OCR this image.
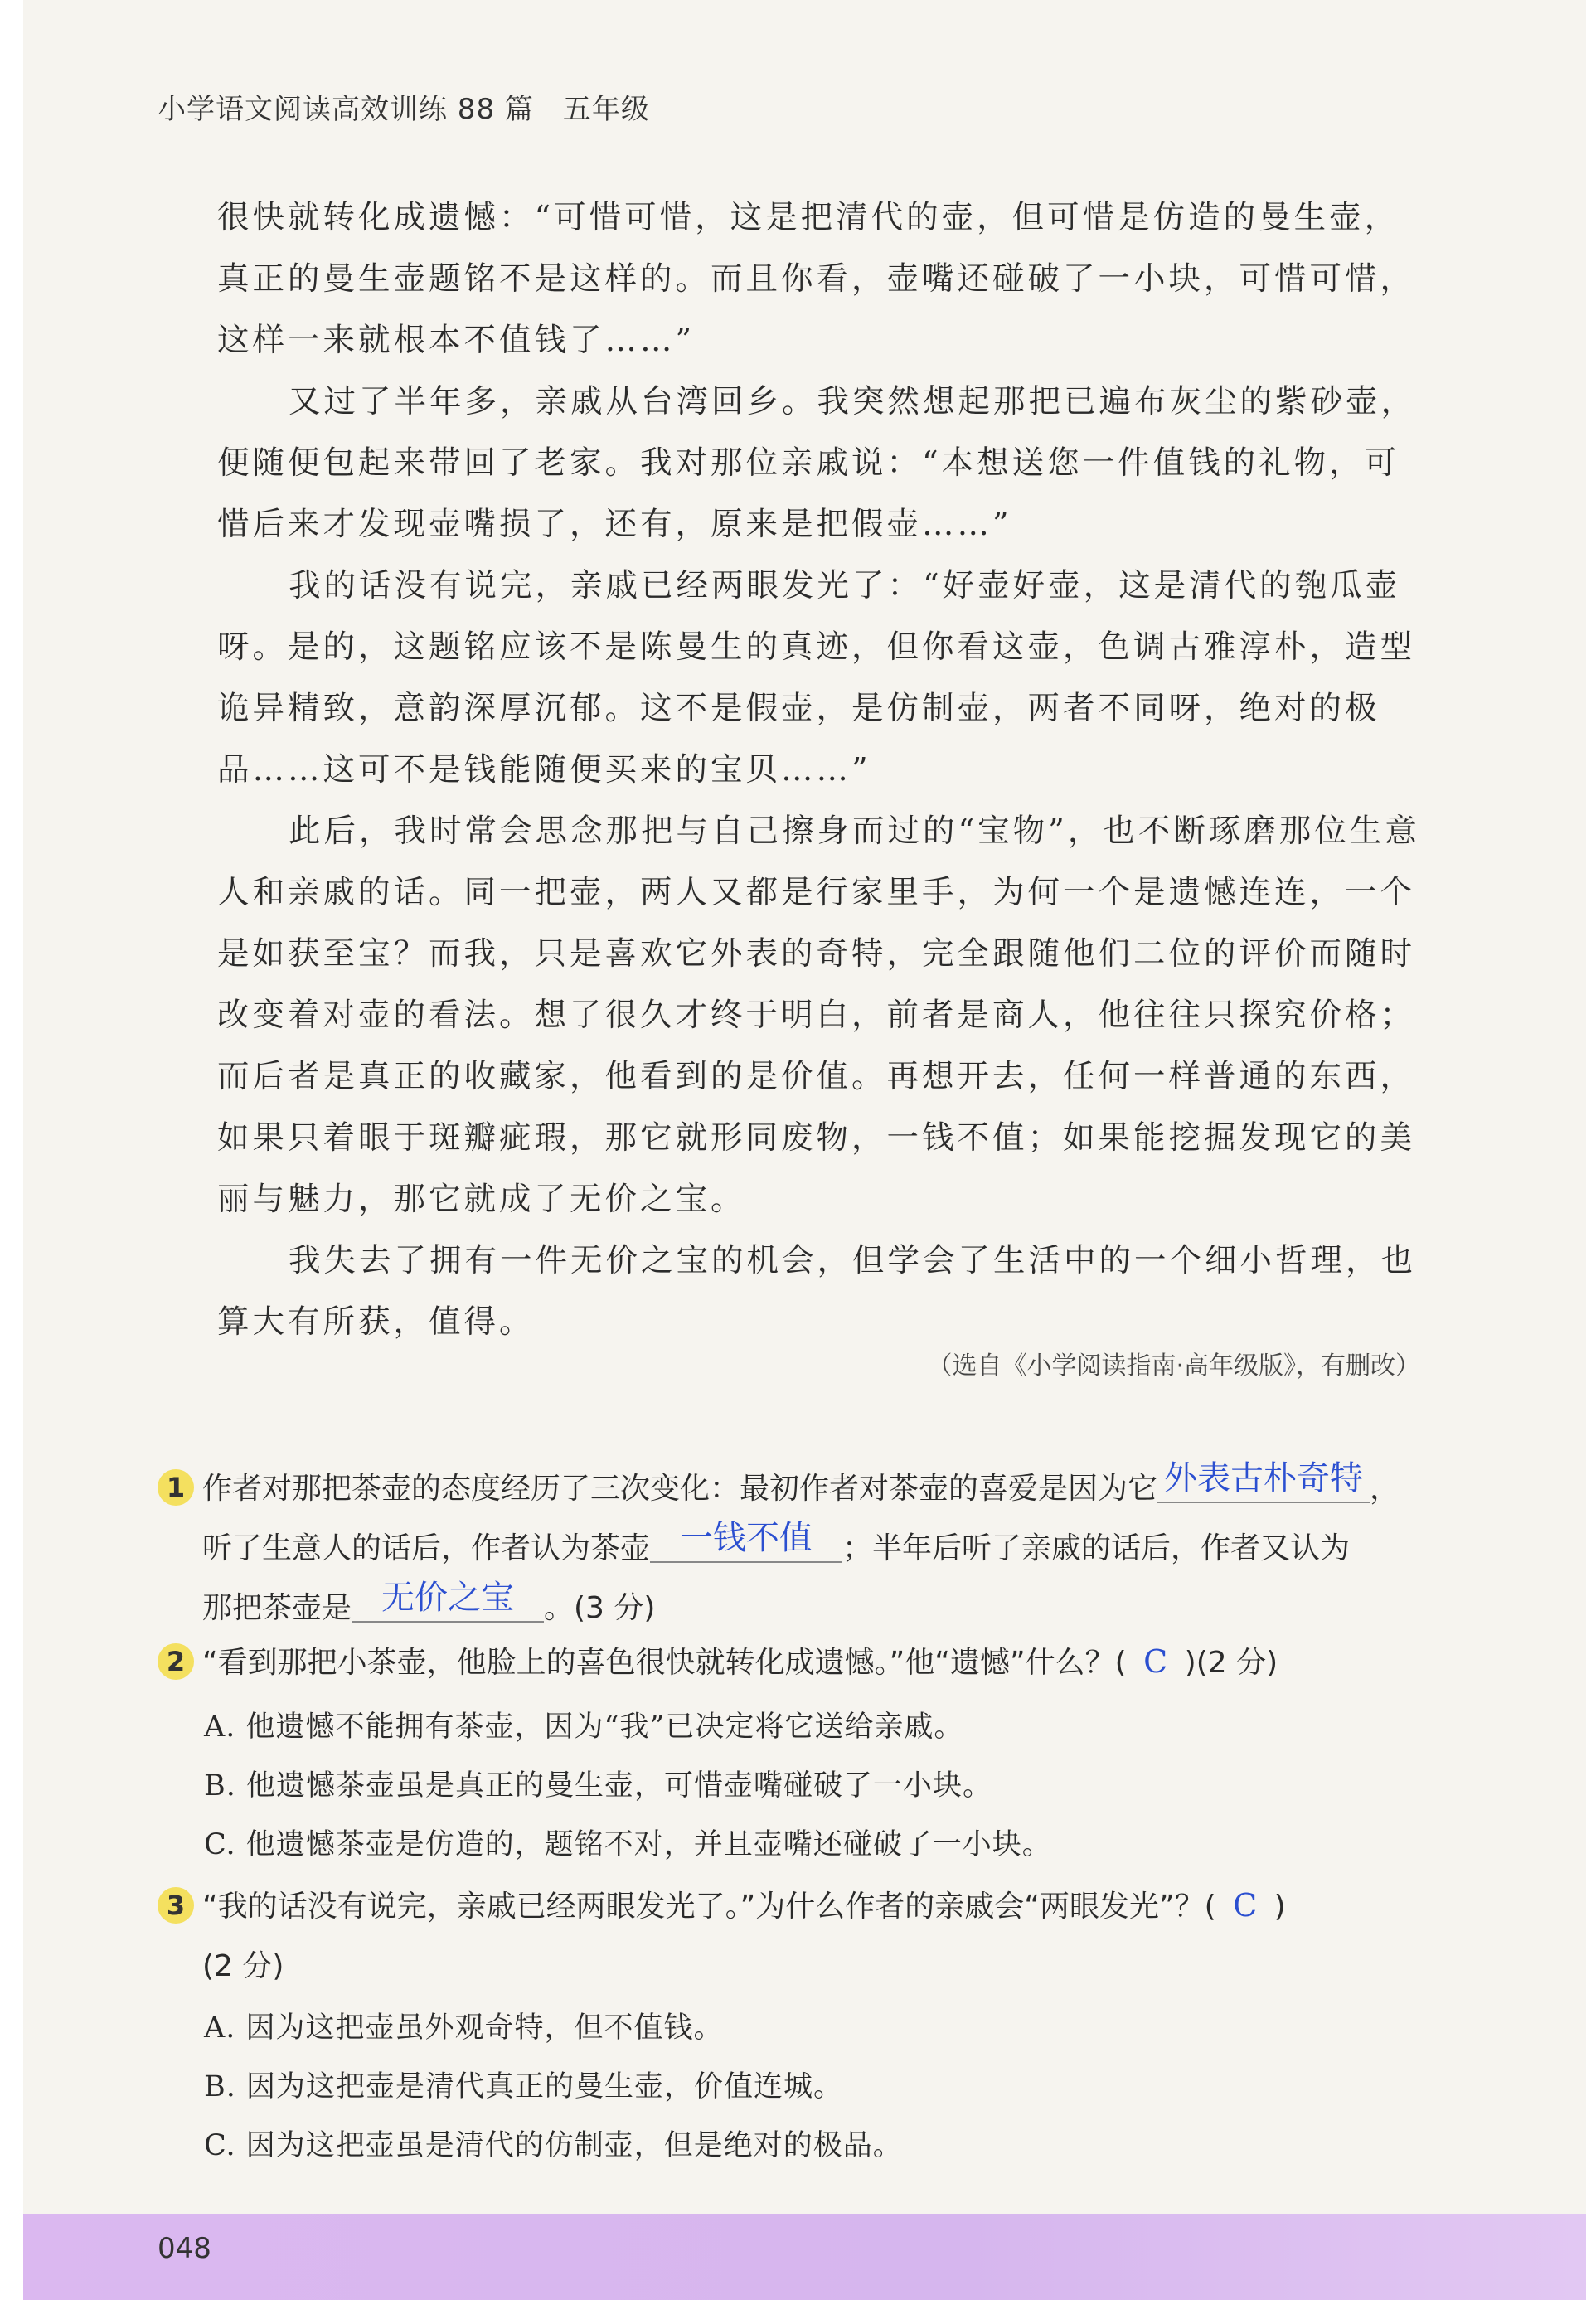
小学语文阅读高效训练 88 篇　五年级

很快就转化成遗憾：“可惜可惜，这是把清代的壶，但可惜是仿造的曼生壶，真正的曼生壶题铭不是这样的。而且你看，壶嘴还碰破了一小块，可惜可惜，这样一来就根本不值钱了……”

又过了半年多，亲戚从台湾回乡。我突然想起那把已遍布灰尘的紫砂壶，便随便包起来带回了老家。我对那位亲戚说：“本想送您一件值钱的礼物，可惜后来才发现壶嘴损了，还有，原来是把假壶……”

我的话没有说完，亲戚已经两眼发光了：“好壶好壶，这是清代的匏瓜壶呀。是的，这题铭应该不是陈曼生的真迹，但你看这壶，色调古雅淳朴，造型诡异精致，意韵深厚沉郁。这不是假壶，是仿制壶，两者不同呀，绝对的极品……这可不是钱能随便买来的宝贝……”

此后，我时常会思念那把与自己擦身而过的“宝物”，也不断琢磨那位生意人和亲戚的话。同一把壶，两人又都是行家里手，为何一个是遗憾连连，一个是如获至宝？而我，只是喜欢它外表的奇特，完全跟随他们二位的评价而随时改变着对壶的看法。想了很久才终于明白，前者是商人，他往往只探究价格；而后者是真正的收藏家，他看到的是价值。再想开去，任何一样普通的东西，如果只着眼于斑瓣疵瑕，那它就形同废物，一钱不值；如果能挖掘发现它的美丽与魅力，那它就成了无价之宝。

我失去了拥有一件无价之宝的机会，但学会了生活中的一个细小哲理，也算大有所获，值得。

（选自《小学阅读指南·高年级版》，有删改）
1 作者对那把茶壶的态度经历了三次变化：最初作者对茶壶的喜爱是因为它 外表古朴奇特 ，
听了生意人的话后，作者认为茶壶 一钱不值	；半年后听了亲戚的话后，作者又认为
那把茶壶是 无价之宝	。(3 分)
2 “看到那把小茶壶，他脸上的喜色很快就转化成遗憾。”他“遗憾”什么？( C )(2 分)
A. 他遗憾不能拥有茶壶，因为“我”已决定将它送给亲戚。
B. 他遗憾茶壶虽是真正的曼生壶，可惜壶嘴碰破了一小块。
C. 他遗憾茶壶是仿造的，题铭不对，并且壶嘴还碰破了一小块。
3 “我的话没有说完，亲戚已经两眼发光了。”为什么作者的亲戚会“两眼发光”？( C )
(2 分)
A. 因为这把壶虽外观奇特，但不值钱。
B. 因为这把壶是清代真正的曼生壶，价值连城。
C. 因为这把壶虽是清代的仿制壶，但是绝对的极品。
048
